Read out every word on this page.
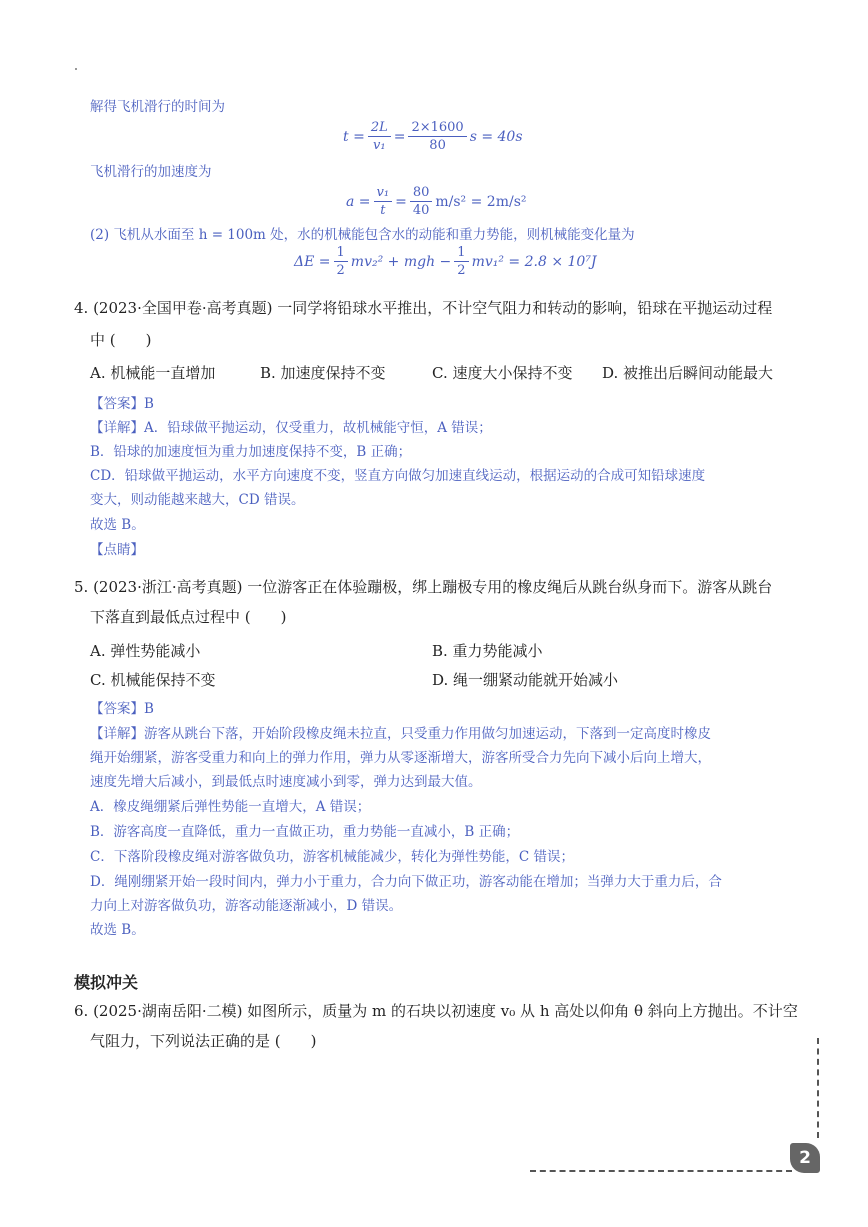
解得飞机滑行的时间为
$t = \frac{2L}{\text{v₁}} = \frac{2\times 1600}{80}$ s = 40s
飞机滑行的加速度为
$a = \frac{\text{v₁}}{t} = \frac{80}{40} m/s^2 = 2m/s^2$
(2) 飞机从水面至 h = 100m 处，水的机械能包含水的动能和重力势能，则机械能变化量为
$\Delta E = \frac{1}{2} mv_2^2$ + mgh − $\frac{1}{2} mv_1^2 = 2.8 \times 10^7J$
4. (2023·全国甲卷·高考真题) 一同学将铅球水平推出，不计空气阻力和转动的影响，铅球在平抛运动过程
中 (　　)
A. 机械能一直增加	B. 加速度保持不变	C. 速度大小保持不变 D. 被推出后瞬间动能最大
【答案】B
【详解】A．铅球做平抛运动，仅受重力，故机械能守恒，A 错误；
B．铅球的加速度恒为重力加速度保持不变，B 正确；
CD．铅球做平抛运动，水平方向速度不变，竖直方向做匀加速直线运动，根据运动的合成可知铅球速度
变大，则动能越来越大，CD 错误。
故选 B。
【点睛】
5. (2023·浙江·高考真题) 一位游客正在体验蹦极，绑上蹦极专用的橡皮绳后从跳台纵身而下。游客从跳台
下落直到最低点过程中 (　　)
A. 弹性势能减小	B. 重力势能减小
C. 机械能保持不变	D. 绳一绷紧动能就开始减小
【答案】B
【详解】游客从跳台下落，开始阶段橡皮绳未拉直，只受重力作用做匀加速运动，下落到一定高度时橡皮
绳开始绷紧，游客受重力和向上的弹力作用，弹力从零逐渐增大，游客所受合力先向下减小后向上增大，
速度先增大后减小，到最低点时速度减小到零，弹力达到最大值。
A．橡皮绳绷紧后弹性势能一直增大，A 错误；
B．游客高度一直降低，重力一直做正功，重力势能一直减小，B 正确；
C．下落阶段橡皮绳对游客做负功，游客机械能减少，转化为弹性势能，C 错误；
D．绳刚绷紧开始一段时间内，弹力小于重力，合力向下做正功，游客动能在增加；当弹力大于重力后，合
力向上对游客做负功，游客动能逐渐减小，D 错误。
故选 B。
模拟冲关
6. (2025·湖南岳阳·二模) 如图所示，质量为 m 的石块以初速度 v₀ 从 h 高处以仰角 θ 斜向上方抛出。不计空
气阻力，下列说法正确的是 (　　)
2
